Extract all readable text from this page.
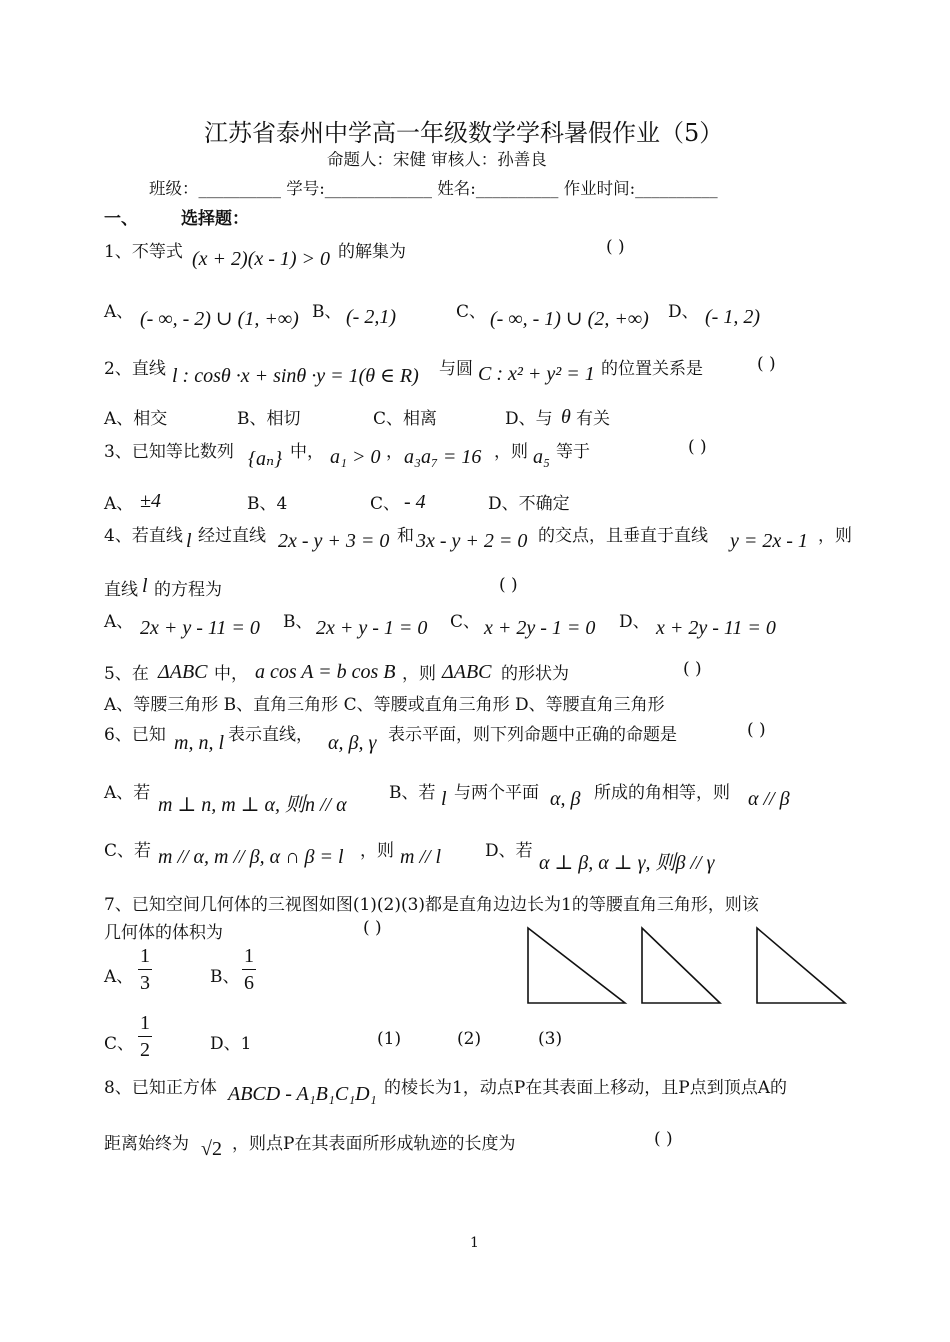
江苏省泰州中学高一年级数学学科暑假作业（5）
命题人：宋健 审核人：孙善良
班级：__________ 学号:_____________ 姓名:__________ 作业时间:__________
一、	选择题：
1、不等式 (x + 2)(x - 1) > 0 的解集为	( )
A、 (- ∞, - 2) ∪ (1, +∞) B、 (- 2,1)	C、 (- ∞, - 1) ∪ (2, +∞) D、 (- 1, 2)
2、直线 l : cosθ ·x + sinθ ·y = 1(θ ∈ R) 与圆 C : x² + y² = 1 的位置关系是	( )
A、相交	B、相切	C、相离	D、与 θ 有关
3、已知等比数列 {aₙ} 中， a₁ > 0 ， a₃a₇ = 16 ，则 a₅ 等于	( )
A、 ±4	B、4	C、 - 4	D、不确定
4、若直线 l 经过直线 2x - y + 3 = 0 和 3x - y + 2 = 0 的交点，且垂直于直线 y = 2x - 1 ，则
直线 l 的方程为	( )
A、 2x + y - 11 = 0 B、 2x + y - 1 = 0 C、 x + 2y - 1 = 0 D、 x + 2y - 11 = 0
5、在 ΔABC 中， a cos A = b cos B ，则 ΔABC 的形状为	( )
A、等腰三角形 B、直角三角形 C、等腰或直角三角形 D、等腰直角三角形
6、已知 m, n, l 表示直线， α, β, γ 表示平面，则下列命题中正确的命题是	( )
A、若
m ⊥ n, m ⊥ α, 则n // α
B、若 l 与两个平面 α, β 所成的角相等，则 α // β
C、若 m // α, m // β, α ∩ β = l ，则 m // l	D、若
α ⊥ β, α ⊥ γ, 则β // γ
7、已知空间几何体的三视图如图(1)(2)(3)都是直角边边长为1的等腰直角三角形，则该
几何体的体积为	( )
A、
1
3	B、
1
6
C、
1
2	D、1	(1)	(2)	(3)
8、已知正方体 ABCD - A₁B₁C₁D₁ 的棱长为1，动点P在其表面上移动，且P点到顶点A的
距离始终为 √2 ，则点P在其表面所形成轨迹的长度为	( )
1
